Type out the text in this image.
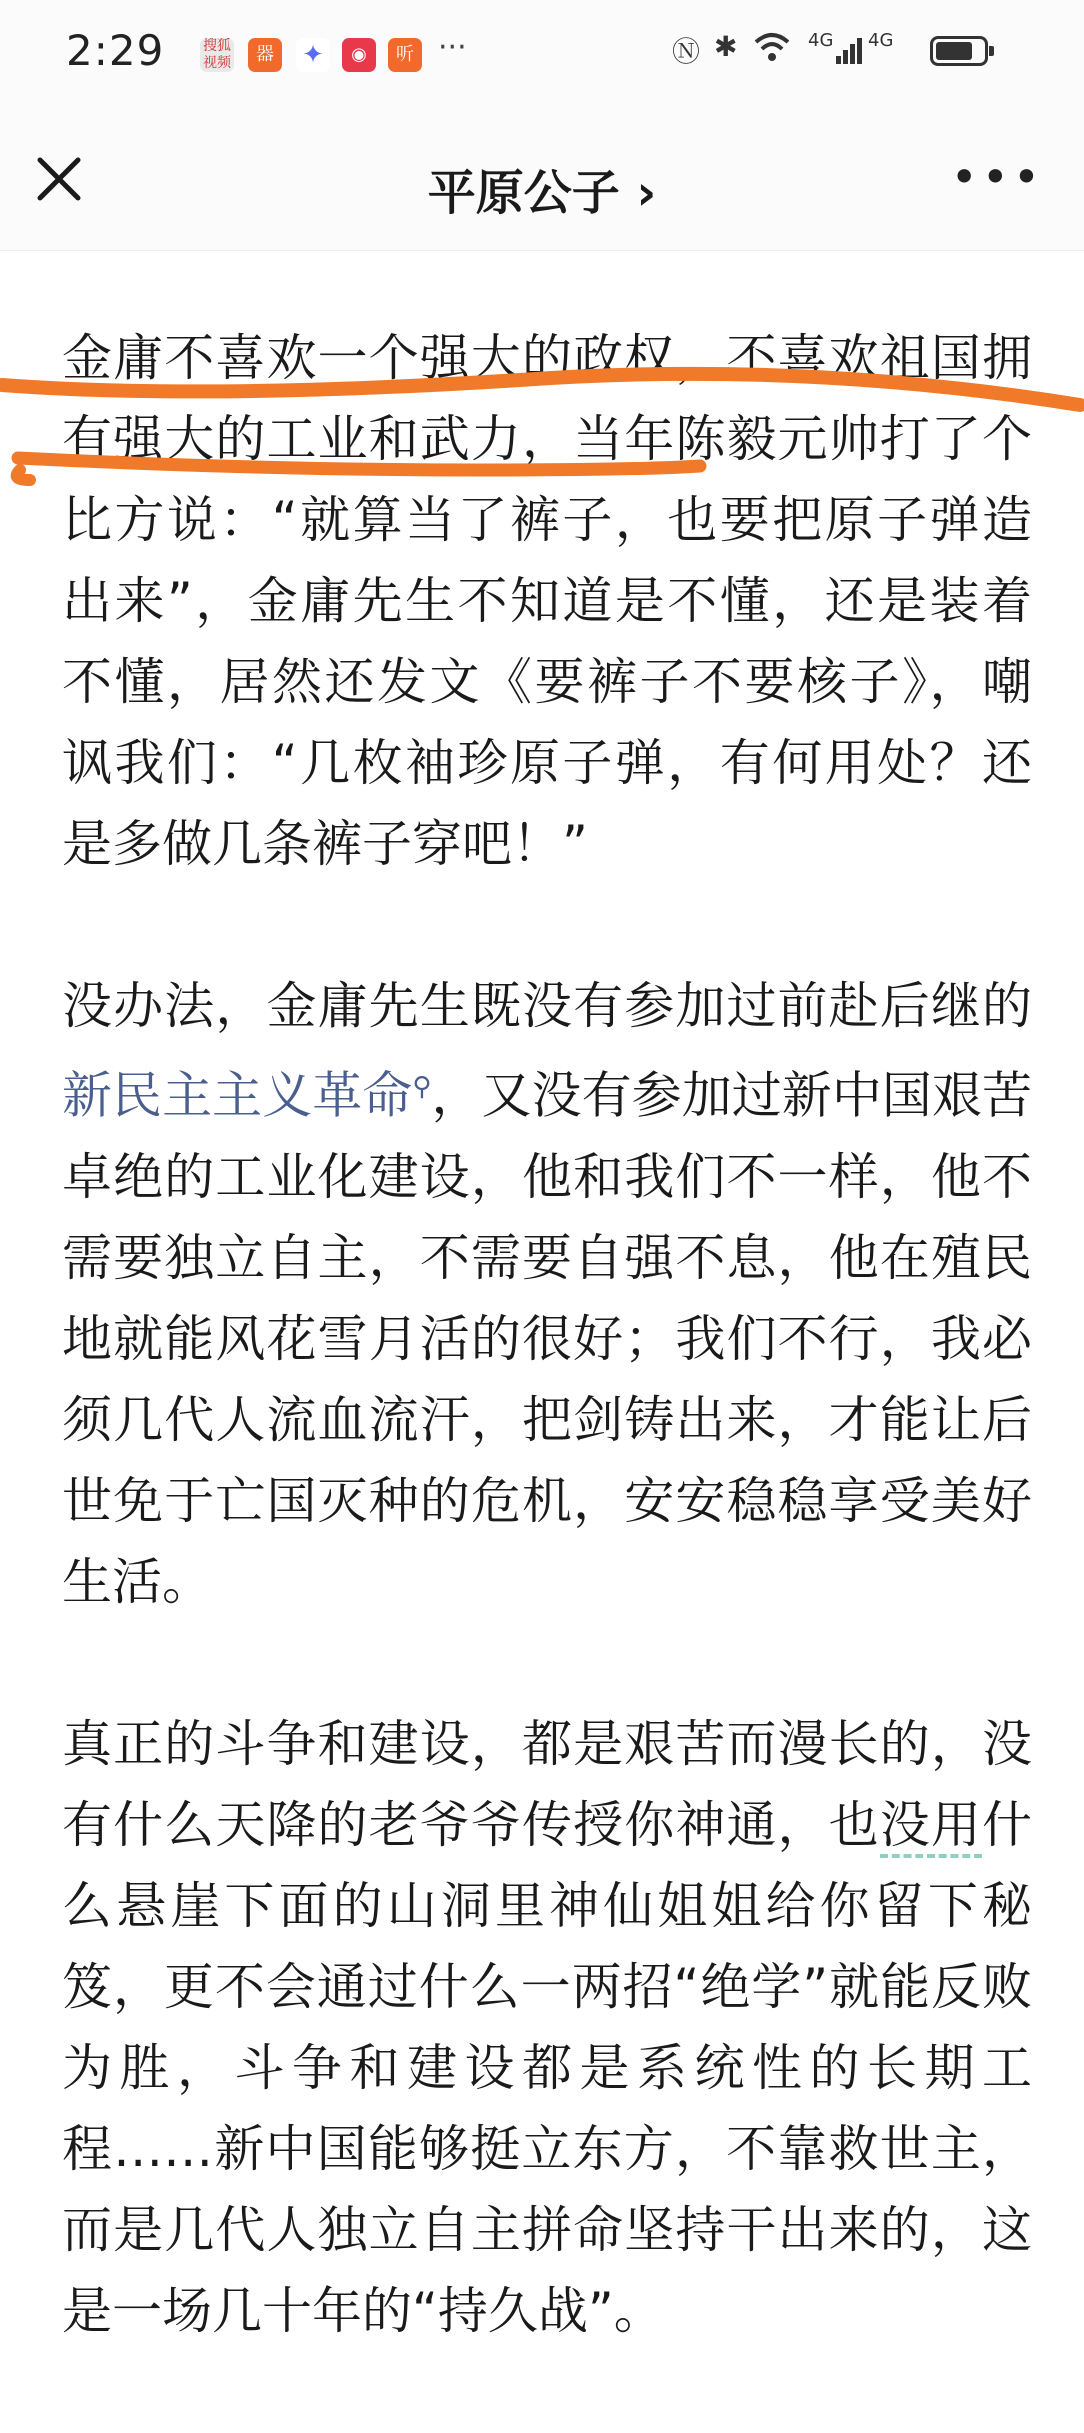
2:29	搜狐
视频	器	✦	◉	听 ···	Ⓝ ✱	4G 4G
平原公子 ›	•••

金庸不喜欢一个强大的政权，不喜欢祖国拥有强大的工业和武力，当年陈毅元帅打了个比方说：“就算当了裤子，也要把原子弹造出来”，金庸先生不知道是不懂，还是装着不懂，居然还发文《要裤子不要核子》，嘲讽我们：“几枚袖珍原子弹，有何用处？还是多做几条裤子穿吧！”

没办法，金庸先生既没有参加过前赴后继的新民主主义革命⚲，又没有参加过新中国艰苦卓绝的工业化建设，他和我们不一样，他不需要独立自主，不需要自强不息，他在殖民地就能风花雪月活的很好；我们不行，我必须几代人流血流汗，把剑铸出来，才能让后世免于亡国灭种的危机，安安稳稳享受美好生活。

真正的斗争和建设，都是艰苦而漫长的，没有什么天降的老爷爷传授你神通，也没用什么悬崖下面的山洞里神仙姐姐给你留下秘笈，更不会通过什么一两招“绝学”就能反败为胜，斗争和建设都是系统性的长期工程……新中国能够挺立东方，不靠救世主，而是几代人独立自主拼命坚持干出来的，这是一场几十年的“持久战”。
